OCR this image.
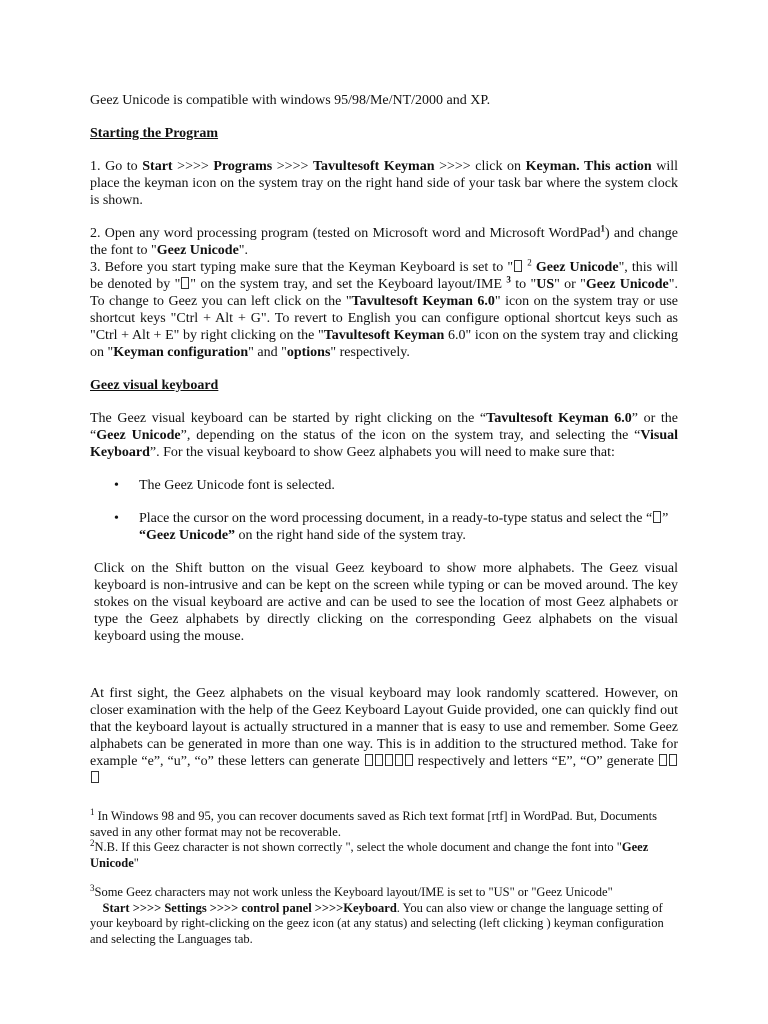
Geez Unicode is compatible with windows 95/98/Me/NT/2000 and XP.

Starting the Program

1. Go to Start >>>> Programs >>>> Tavultesoft Keyman >>>> click on Keyman. This action will place the keyman icon on the system tray on the right hand side of your task bar where the system clock is shown.

2. Open any word processing program (tested on Microsoft word and Microsoft WordPad$^1$) and change the font to "Geez Unicode".

3. Before you start typing make sure that the Keyman Keyboard is set to " $^2$ Geez Unicode", this will be denoted by " " on the system tray, and set the Keyboard layout/IME $^3$ to "US" or "Geez Unicode". To change to Geez you can left click on the "Tavultesoft Keyman 6.0" icon on the system tray or use shortcut keys "Ctrl + Alt + G". To revert to English you can configure optional shortcut keys such as "Ctrl + Alt + E" by right clicking on the "Tavultesoft Keyman 6.0" icon on the system tray and clicking on "Keyman configuration" and "options" respectively.

Geez visual keyboard

The Geez visual keyboard can be started by right clicking on the “Tavultesoft Keyman 6.0” or the “Geez Unicode”, depending on the status of the icon on the system tray, and selecting the “Visual Keyboard”. For the visual keyboard to show Geez alphabets you will need to make sure that:

• The Geez Unicode font is selected.
• Place the cursor on the word processing document, in a ready-to-type status and select the “ ” “Geez Unicode” on the right hand side of the system tray.

Click on the Shift button on the visual Geez keyboard to show more alphabets. The Geez visual keyboard is non-intrusive and can be kept on the screen while typing or can be moved around. The key stokes on the visual keyboard are active and can be used to see the location of most Geez alphabets or type the Geez alphabets by directly clicking on the corresponding Geez alphabets on the visual keyboard using the mouse.

At first sight, the Geez alphabets on the visual keyboard may look randomly scattered. However, on closer examination with the help of the Geez Keyboard Layout Guide provided, one can quickly find out that the keyboard layout is actually structured in a manner that is easy to use and remember. Some Geez alphabets can be generated in more than one way. This is in addition to the structured method. Take for example “e”, “u”, “o” these letters can generate	respectively and letters “E”, “O” generate

$^1$ In Windows 98 and 95, you can recover documents saved as Rich text format [rtf] in WordPad. But, Documents saved in any other format may not be recoverable.

$^2$N.B. If this Geez character is not shown correctly ", select the whole document and change the font into "Geez Unicode"

$^3$Some Geez characters may not work unless the Keyboard layout/IME is set to "US" or "Geez Unicode"
Start >>>> Settings >>>> control panel >>>>Keyboard. You can also view or change the language setting of your keyboard by right-clicking on the geez icon (at any status) and selecting (left clicking ) keyman configuration and selecting the Languages tab.
